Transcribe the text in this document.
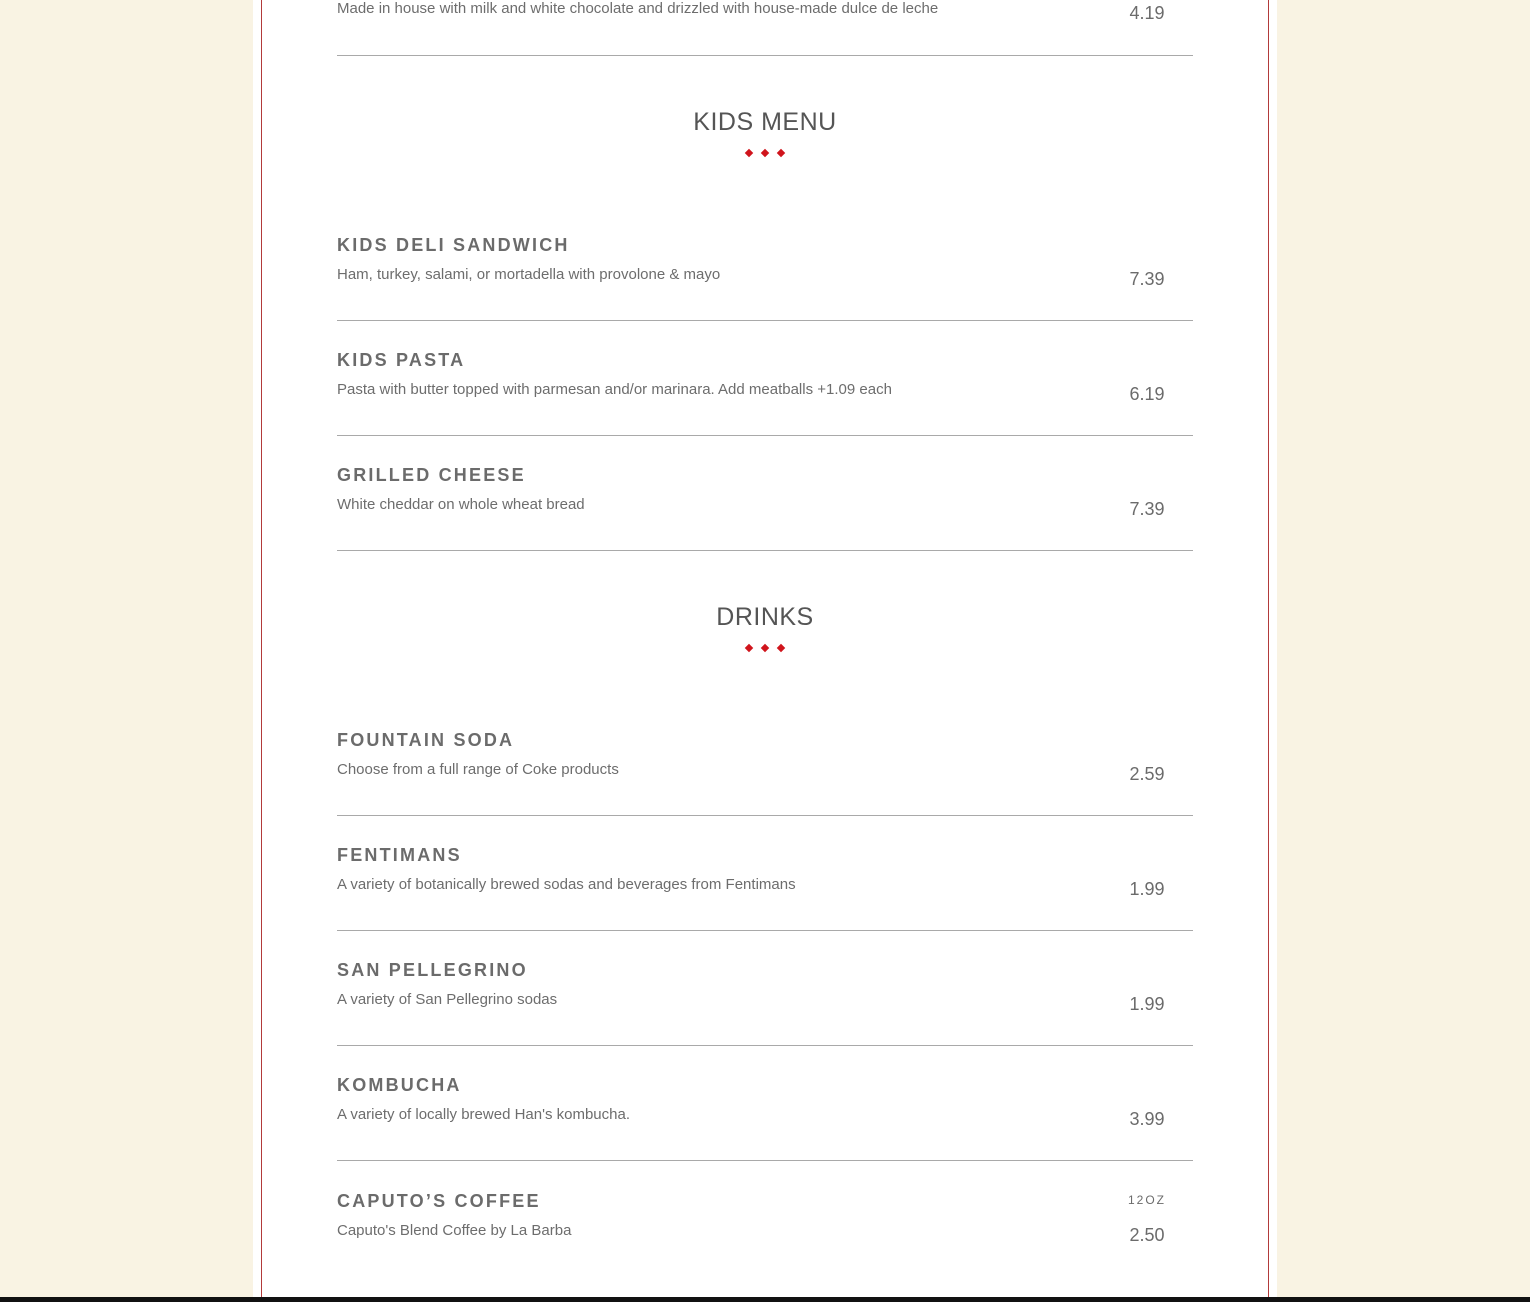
Made in house with milk and white chocolate and drizzled with house-made dulce de leche	4.19
KIDS MENU
KIDS DELI SANDWICH
Ham, turkey, salami, or mortadella with provolone & mayo	7.39
KIDS PASTA
Pasta with butter topped with parmesan and/or marinara. Add meatballs +1.09 each	6.19
GRILLED CHEESE
White cheddar on whole wheat bread	7.39
DRINKS
FOUNTAIN SODA
Choose from a full range of Coke products	2.59
FENTIMANS
A variety of botanically brewed sodas and beverages from Fentimans	1.99
SAN PELLEGRINO
A variety of San Pellegrino sodas	1.99
KOMBUCHA
A variety of locally brewed Han's kombucha.	3.99
CAPUTO’S COFFEE	12OZ
Caputo's Blend Coffee by La Barba	2.50
